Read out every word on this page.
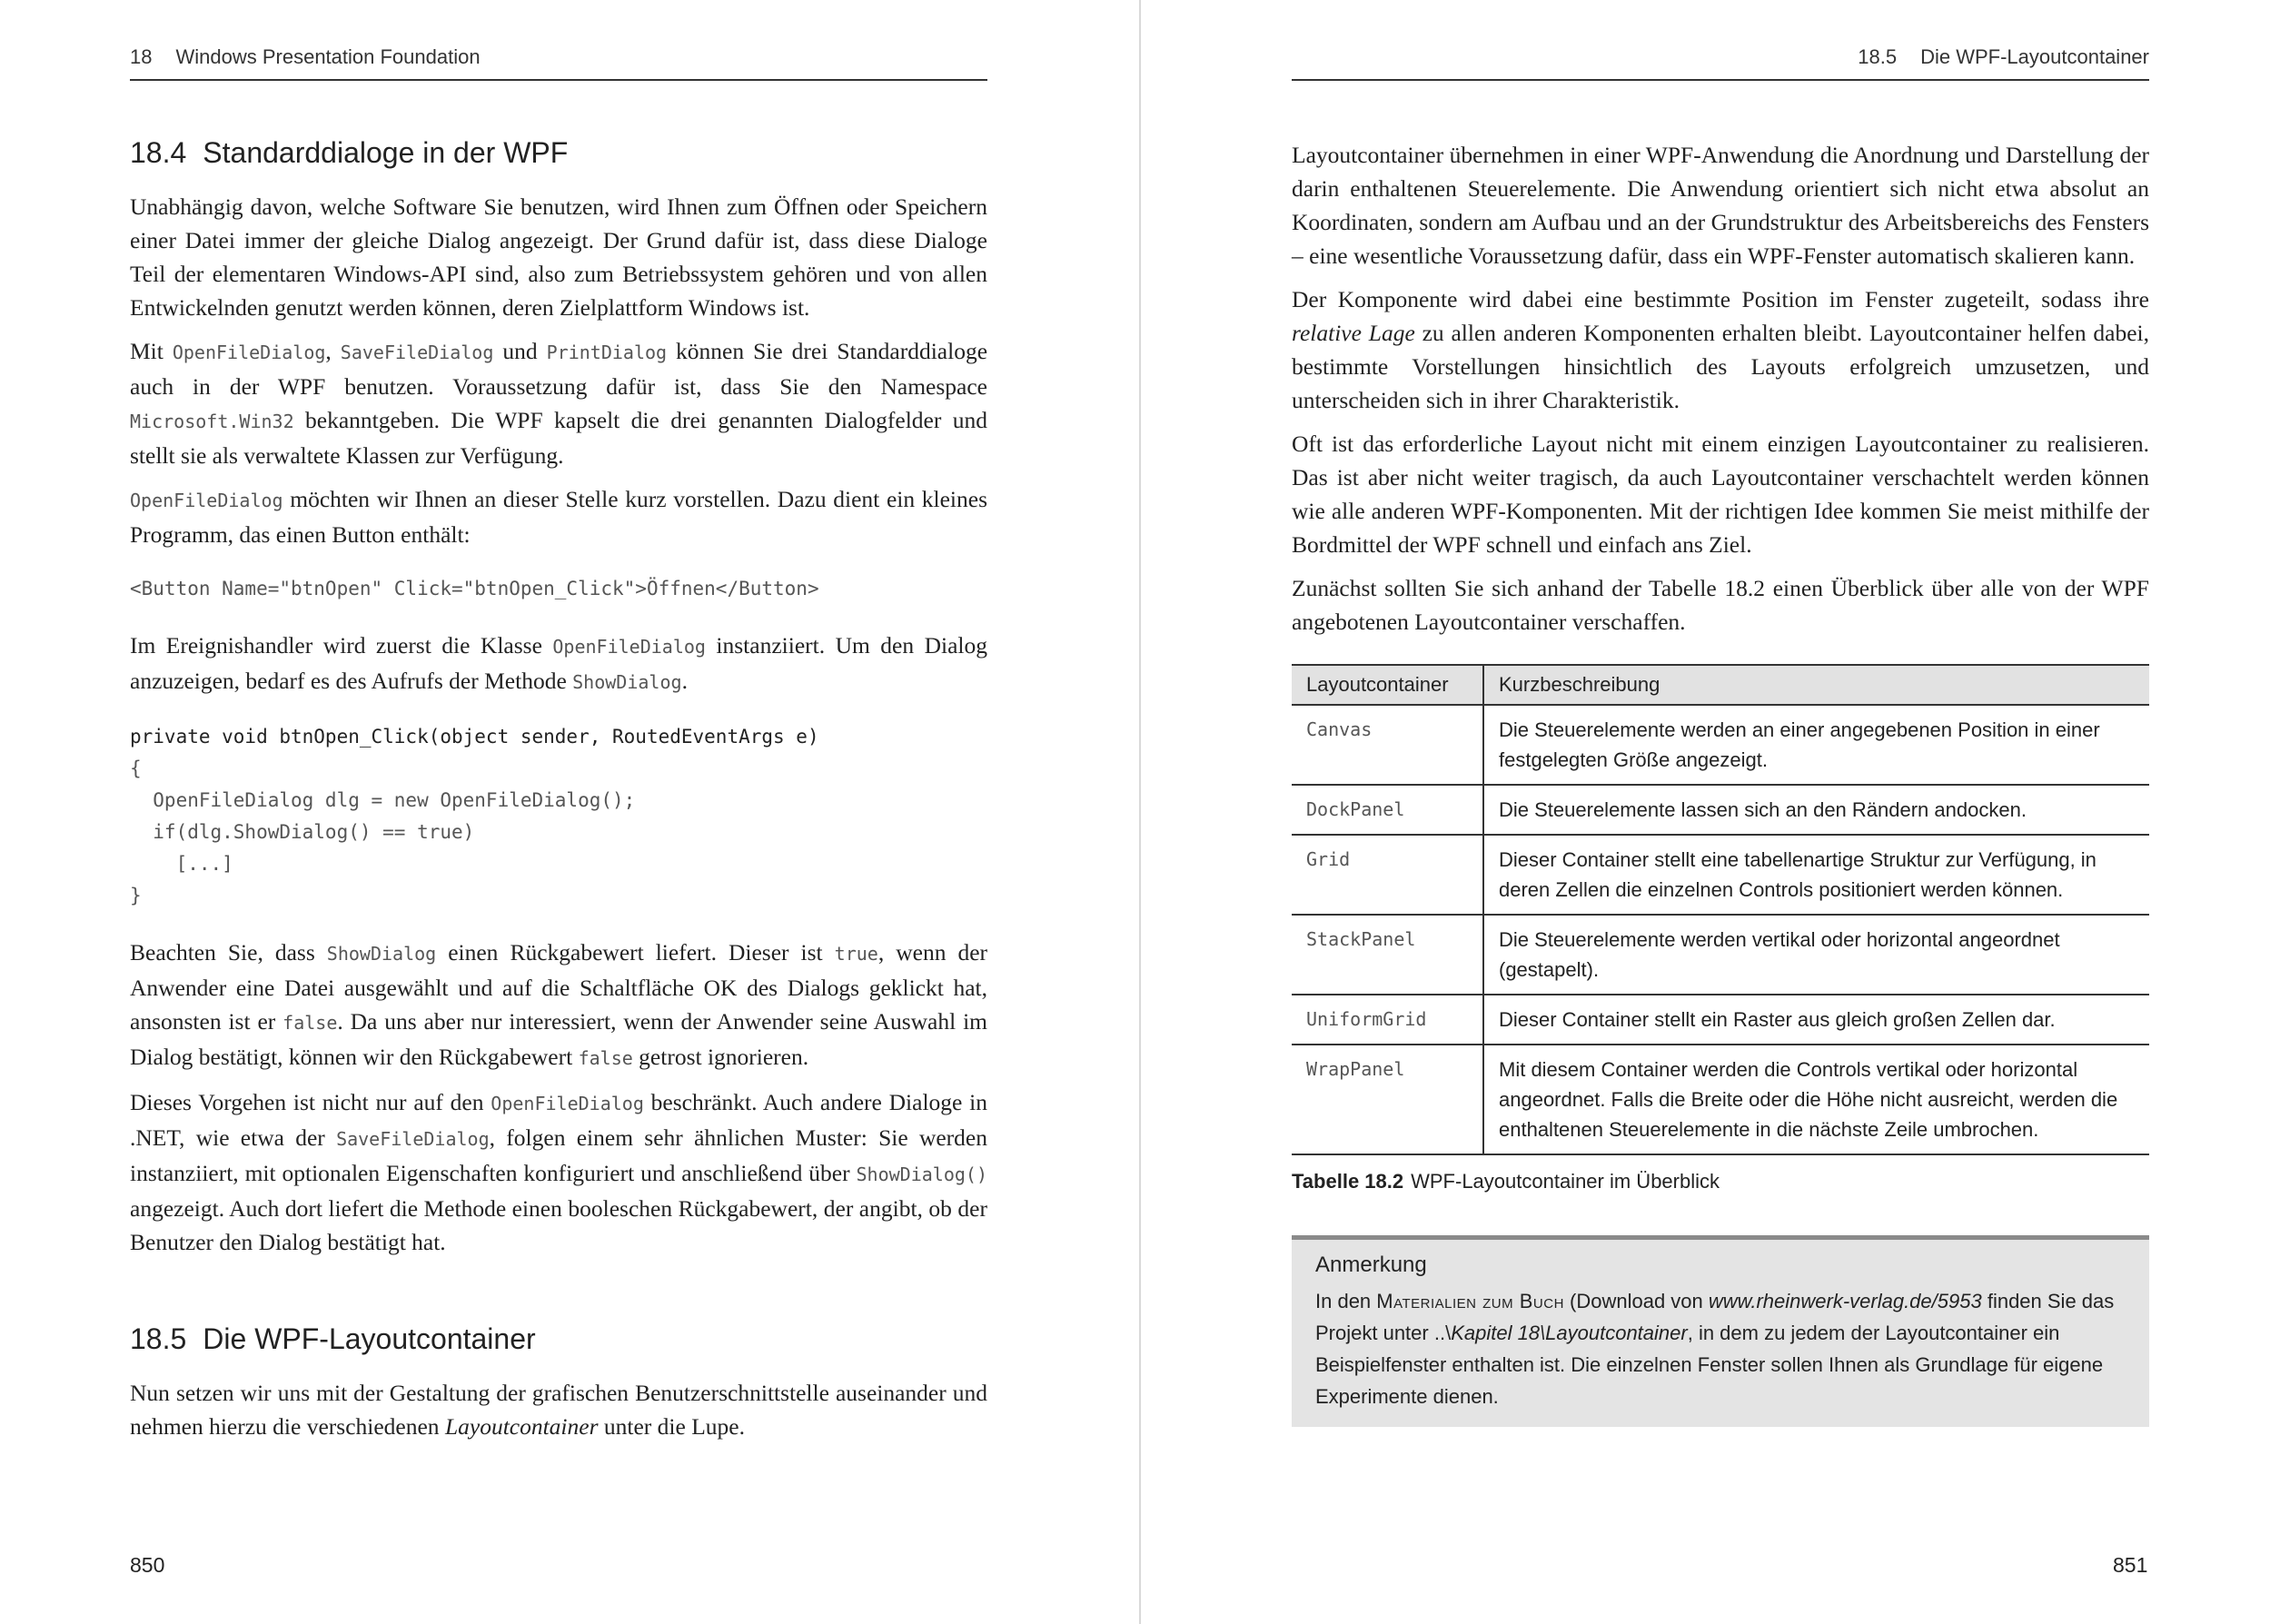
18 Windows Presentation Foundation
18.4 Standarddialoge in der WPF

Unabhängig davon, welche Software Sie benutzen, wird Ihnen zum Öffnen oder Speichern einer Datei immer der gleiche Dialog angezeigt. Der Grund dafür ist, dass diese Dialoge Teil der elementaren Windows-API sind, also zum Betriebssystem gehören und von allen Entwickelnden genutzt werden können, deren Zielplattform Windows ist.

Mit OpenFileDialog, SaveFileDialog und PrintDialog können Sie drei Standarddialoge auch in der WPF benutzen. Voraussetzung dafür ist, dass Sie den Namespace Microsoft.Win32 bekanntgeben. Die WPF kapselt die drei genannten Dialogfelder und stellt sie als verwaltete Klassen zur Verfügung.

OpenFileDialog möchten wir Ihnen an dieser Stelle kurz vorstellen. Dazu dient ein kleines Programm, das einen Button enthält:

<Button Name="btnOpen" Click="btnOpen_Click">Öffnen</Button>

Im Ereignishandler wird zuerst die Klasse OpenFileDialog instanziiert. Um den Dialog anzuzeigen, bedarf es des Aufrufs der Methode ShowDialog.

private void btnOpen_Click(object sender, RoutedEventArgs e)
{
OpenFileDialog dlg = new OpenFileDialog();
if(dlg.ShowDialog() == true)
[...]
}

Beachten Sie, dass ShowDialog einen Rückgabewert liefert. Dieser ist true, wenn der Anwender eine Datei ausgewählt und auf die Schaltfläche OK des Dialogs geklickt hat, ansonsten ist er false. Da uns aber nur interessiert, wenn der Anwender seine Auswahl im Dialog bestätigt, können wir den Rückgabewert false getrost ignorieren.

Dieses Vorgehen ist nicht nur auf den OpenFileDialog beschränkt. Auch andere Dialoge in .NET, wie etwa der SaveFileDialog, folgen einem sehr ähnlichen Muster: Sie werden instanziiert, mit optionalen Eigenschaften konfiguriert und anschließend über ShowDialog() angezeigt. Auch dort liefert die Methode einen booleschen Rückgabewert, der angibt, ob der Benutzer den Dialog bestätigt hat.

18.5 Die WPF-Layoutcontainer

Nun setzen wir uns mit der Gestaltung der grafischen Benutzerschnittstelle auseinander und nehmen hierzu die verschiedenen Layoutcontainer unter die Lupe.

850
18.5 Die WPF-Layoutcontainer

Layoutcontainer übernehmen in einer WPF-Anwendung die Anordnung und Darstellung der darin enthaltenen Steuerelemente. Die Anwendung orientiert sich nicht etwa absolut an Koordinaten, sondern am Aufbau und an der Grundstruktur des Arbeitsbereichs des Fensters – eine wesentliche Voraussetzung dafür, dass ein WPF-Fenster automatisch skalieren kann.

Der Komponente wird dabei eine bestimmte Position im Fenster zugeteilt, sodass ihre relative Lage zu allen anderen Komponenten erhalten bleibt. Layoutcontainer helfen dabei, bestimmte Vorstellungen hinsichtlich des Layouts erfolgreich umzusetzen, und unterscheiden sich in ihrer Charakteristik.

Oft ist das erforderliche Layout nicht mit einem einzigen Layoutcontainer zu realisieren. Das ist aber nicht weiter tragisch, da auch Layoutcontainer verschachtelt werden können wie alle anderen WPF-Komponenten. Mit der richtigen Idee kommen Sie meist mithilfe der Bordmittel der WPF schnell und einfach ans Ziel.

Zunächst sollten Sie sich anhand der Tabelle 18.2 einen Überblick über alle von der WPF angebotenen Layoutcontainer verschaffen.

Layoutcontainer	Kurzbeschreibung
Canvas	Die Steuerelemente werden an einer angegebenen Position in einer festgelegten Größe angezeigt.
DockPanel	Die Steuerelemente lassen sich an den Rändern andocken.
Grid	Dieser Container stellt eine tabellenartige Struktur zur Verfügung, in deren Zellen die einzelnen Controls positioniert werden können.
StackPanel	Die Steuerelemente werden vertikal oder horizontal angeordnet (gestapelt).
UniformGrid	Dieser Container stellt ein Raster aus gleich großen Zellen dar.
WrapPanel	Mit diesem Container werden die Controls vertikal oder horizontal angeordnet. Falls die Breite oder die Höhe nicht ausreicht, werden die enthaltenen Steuerelemente in die nächste Zeile umbrochen.
Tabelle 18.2 WPF-Layoutcontainer im Überblick
Anmerkung
In den Materialien zum Buch (Download von www.rheinwerk-verlag.de/5953 finden Sie das Projekt unter ..\Kapitel 18\Layoutcontainer, in dem zu jedem der Layoutcontainer ein Beispielfenster enthalten ist. Die einzelnen Fenster sollen Ihnen als Grundlage für eigene Experimente dienen.
851
